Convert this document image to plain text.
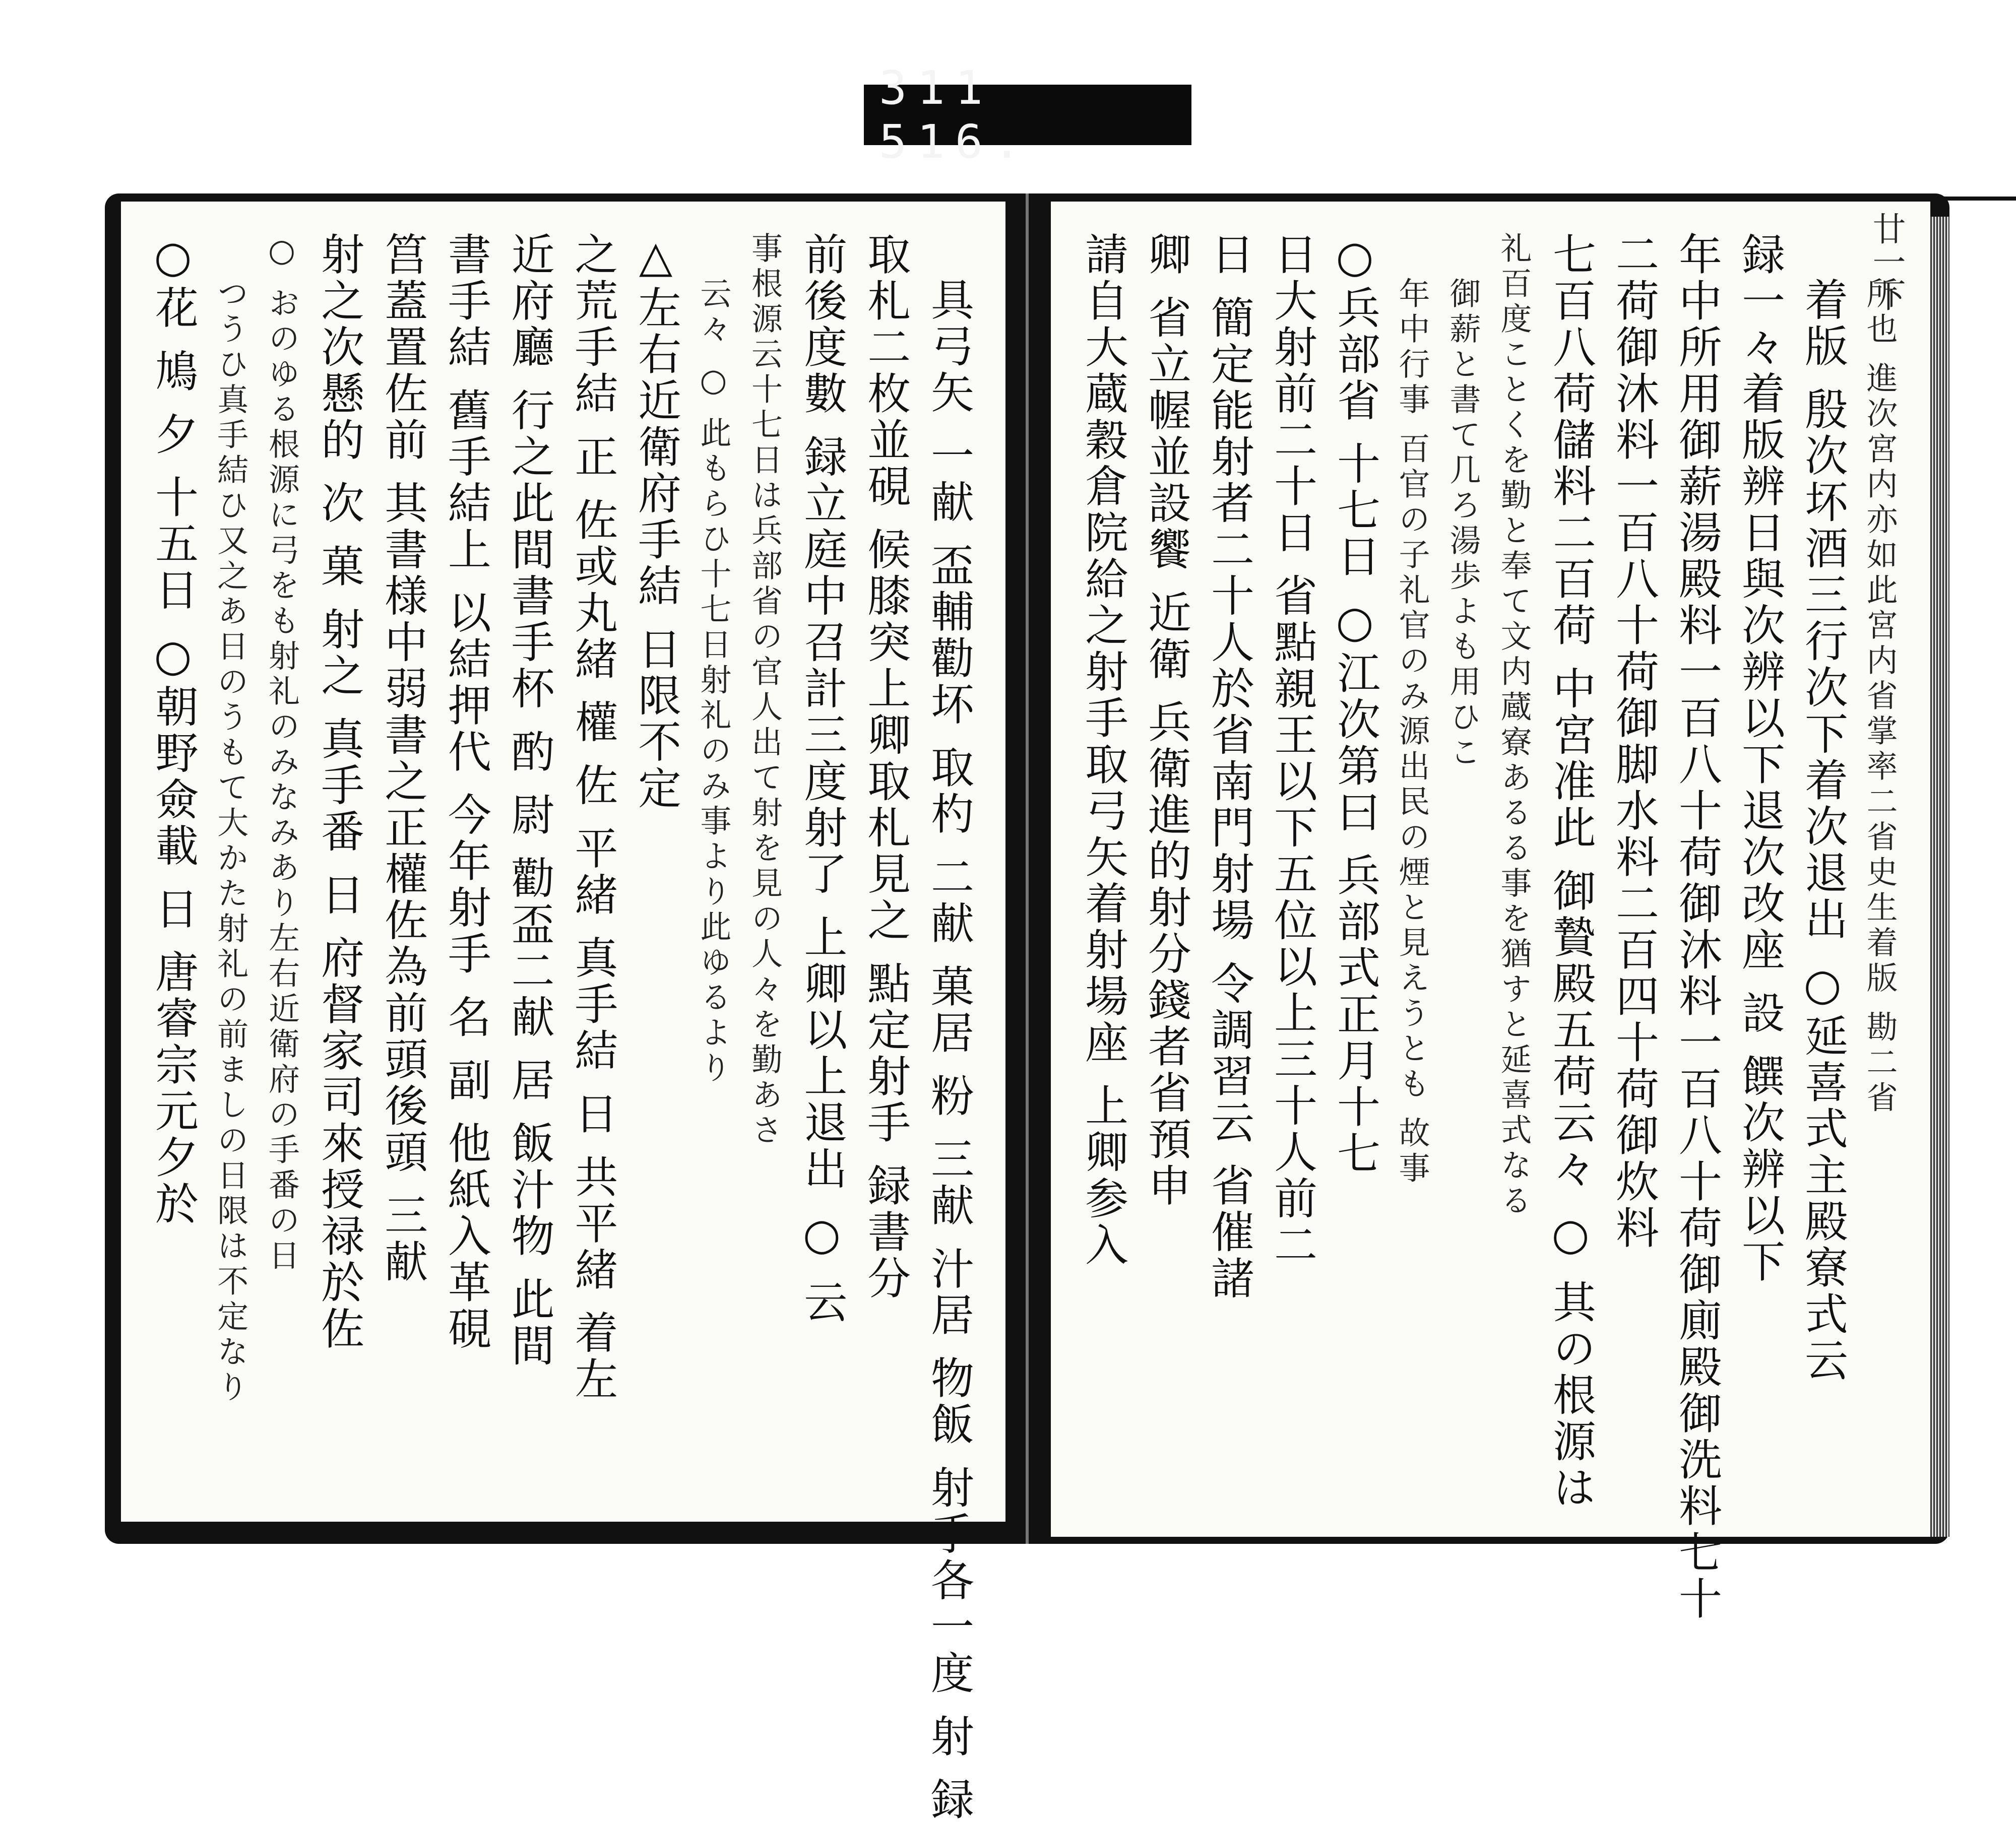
311 516.
具弓矢 一献 盃輔勸坏 取杓 二献 菓居 粉 三献 汁居 物飯 射手各一度 射 録
取札二枚並硯 候膝突上卿取札見之 點定射手 録書分
前後度數 録立庭中召計三度射了 上卿以上退出 ○ 云
事根源云十七日は兵部省の官人出て射を見の人々を勤あさ
云々 ○ 此もらひ十七日射礼のみ事より此ゆるより
△左右近衛府手結 日限不定
之荒手結 正 佐或丸緒 權 佐 平緒 真手結 日 共平緒 着左
近府廳 行之此間書手杯 酌 尉 勸盃二献 居 飯汁物 此間
書手結 舊手結上 以結押代 今年射手 名 副 他紙入革硯
筥蓋置佐前 其書様中弱書之正權佐為前頭後頭 三献
射之次懸的 次 菓 射之 真手番 日 府督家司來授禄於佐
○ おのゆる根源に弓をも射礼のみなみあり左右近衛府の手番の日
つうひ真手結ひ又之あ日のうもて大かた射礼の前ましの日限は不定なり
○花 鳩 夕 十五日 ○朝野僉載 日 唐睿宗元夕於	廿一下
所也 進次宮内亦如此宮内省掌率二省史生着版 勘二省
着版 殷次坏酒三行次下着次退出 ○延喜式主殿寮式云
録一々着版辨日與次辨以下退次改座 設 饌次辨以下
年中所用御薪湯殿料一百八十荷御沐料一百八十荷御廁殿御洗料七十
二荷御沐料一百八十荷御脚水料二百四十荷御炊料
七百八荷儲料二百荷 中宮准此 御贄殿五荷云々 ○ 其の根源は
礼百度ことくを勤と奉て文内蔵寮あるる事を猶すと延喜式なる
御薪と書て几ろ湯歩よも用ひこ
年中行事 百官の子礼官のみ源出民の煙と見えうとも 故事
○兵部省 十七日 ○江次第曰 兵部式正月十七
日大射前二十日 省點親王以下五位以上三十人前二
日 簡定能射者二十人於省南門射場 令調習云 省催諸
卿 省立幄並設饗 近衛 兵衛進的射分錢者省預申
請自大蔵穀倉院給之射手取弓矢着射場座 上卿参入
